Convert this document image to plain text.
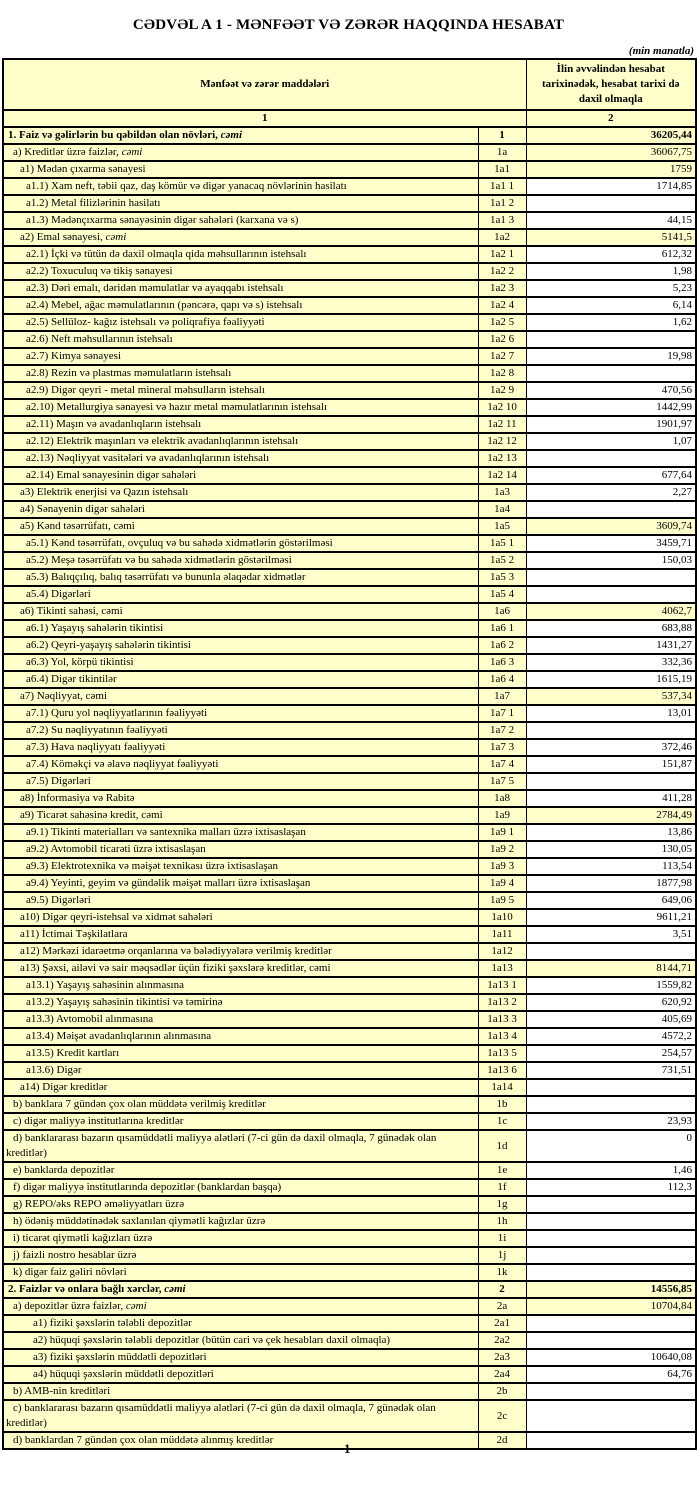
CƏDVƏL A 1 - MƏNFƏƏT VƏ ZƏRƏR HAQQINDA HESABAT
(min manatla)
Mənfəət və zərər maddələri		İlin əvvəlindən hesabat tarixinədək, hesabat tarixi də daxil olmaqla
1		2
1. Faiz və gəlirlərin bu qəbildən olan növləri, cəmi	1	36205,44
a) Kreditlər üzrə faizlər, cəmi	1a	36067,75
a1) Mədən çıxarma sənayesi	1a1	1759
a1.1) Xam neft, təbii qaz, daş kömür və digər yanacaq növlərinin hasilatı	1a1 1	1714,85
a1.2) Metal filizlərinin hasilatı	1a1 2	
a1.3) Mədənçıxarma sənayəsinin digər sahələri (karxana və s)	1a1 3	44,15
a2) Emal sənayesi, cəmi	1a2	5141,5
a2.1) İçki və tütün də daxil olmaqla qida məhsullarının istehsalı	1a2 1	612,32
a2.2) Toxuculuq və tikiş sənayesi	1a2 2	1,98
a2.3) Dəri emalı, dəridən məmulatlar və ayaqqabı istehsalı	1a2 3	5,23
a2.4) Mebel, ağac məmulatlarının (pəncərə, qapı və s) istehsalı	1a2 4	6,14
a2.5) Sellüloz- kağız istehsalı və poliqrafiya fəaliyyəti	1a2 5	1,62
a2.6) Neft məhsullarının istehsalı	1a2 6	
a2.7) Kimya sənayesi	1a2 7	19,98
a2.8) Rezin və plastmas məmulatların istehsalı	1a2 8	
a2.9) Digər qeyri - metal mineral məhsulların istehsalı	1a2 9	470,56
a2.10) Metallurgiya sənayesi və hazır metal məmulatlarının istehsalı	1a2 10	1442,99
a2.11) Maşın və avadanlıqların istehsalı	1a2 11	1901,97
a2.12) Elektrik maşınları və elektrik avadanlıqlarının istehsalı	1a2 12	1,07
a2.13) Nəqliyyat vasitələri və avadanlıqlarının istehsalı	1a2 13	
a2.14) Emal sənayesinin digər sahələri	1a2 14	677,64
a3) Elektrik enerjisi və Qazın istehsalı	1a3	2,27
a4) Sənayenin digər sahələri	1a4	
a5) Kənd təsərrüfatı, cəmi	1a5	3609,74
a5.1) Kənd təsərrüfatı, ovçuluq və bu sahədə xidmətlərin göstərilməsi	1a5 1	3459,71
a5.2) Meşə təsərrüfatı və bu sahədə xidmətlərin göstərilməsi	1a5 2	150,03
a5.3) Balıqçılıq, balıq təsərrüfatı və bununla əlaqədar xidmətlər	1a5 3	
a5.4) Digərləri	1a5 4	
a6) Tikinti sahəsi, cəmi	1a6	4062,7
a6.1) Yaşayış sahələrin tikintisi	1a6 1	683,88
a6.2) Qeyri-yaşayış sahələrin tikintisi	1a6 2	1431,27
a6.3) Yol, körpü tikintisi	1a6 3	332,36
a6.4) Digər tikintilər	1a6 4	1615,19
a7) Nəqliyyat, cəmi	1a7	537,34
a7.1) Quru yol nəqliyyatlarının fəaliyyəti	1a7 1	13,01
a7.2) Su nəqliyyatının fəaliyyəti	1a7 2	
a7.3) Hava nəqliyyatı fəaliyyəti	1a7 3	372,46
a7.4) Köməkçi və əlavə nəqliyyat fəaliyyəti	1a7 4	151,87
a7.5) Digərləri	1a7 5	
a8) İnformasiya və Rabitə	1a8	411,28
a9) Ticarət sahəsinə kredit, cəmi	1a9	2784,49
a9.1) Tikinti materialları və santexnika malları üzrə ixtisaslaşan	1a9 1	13,86
a9.2) Avtomobil ticarəti üzrə ixtisaslaşan	1a9 2	130,05
a9.3) Elektrotexnika və məişət texnikası üzrə ixtisaslaşan	1a9 3	113,54
a9.4) Yeyinti, geyim və gündəlik məişət malları üzrə ixtisaslaşan	1a9 4	1877,98
a9.5) Digərləri	1a9 5	649,06
a10) Digər qeyri-istehsal və xidmət sahələri	1a10	9611,21
a11) İctimai Təşkilatlara	1a11	3,51
a12) Mərkəzi idarəetmə orqanlarına və bələdiyyələrə verilmiş kreditlər	1a12	
a13) Şəxsi, ailəvi və sair məqsədlər üçün fiziki şəxslərə kreditlər, cəmi	1a13	8144,71
a13.1) Yaşayış sahəsinin alınmasına	1a13 1	1559,82
a13.2) Yaşayış sahəsinin tikintisi və təmirinə	1a13 2	620,92
a13.3) Avtomobil alınmasına	1a13 3	405,69
a13.4) Məişət avadanlıqlarının alınmasına	1a13 4	4572,2
a13.5) Kredit kartları	1a13 5	254,57
a13.6) Digər	1a13 6	731,51
a14) Digər kreditlər	1a14	
b) banklara 7 gündən çox olan müddətə verilmiş kreditlər	1b	
c) digər maliyyə institutlarına kreditlər	1c	23,93
d) banklararası bazarın qısamüddətli maliyyə alətləri (7-ci gün də daxil olmaqla, 7 günədək olan kreditlər)	1d	0
e) banklarda depozitlər	1e	1,46
f) digər maliyyə institutlarında depozitlər (banklardan başqa)	1f	112,3
g) REPO/əks REPO əməliyyatları üzrə	1g	
h) ödəniş müddətinədək saxlanılan qiymətli kağızlar üzrə	1h	
i) ticarət qiymətli kağızları üzrə	1i	
j) faizli nostro hesablar üzrə	1j	
k) digər faiz gəliri növləri	1k	
2. Faizlər və onlara bağlı xərclər, cəmi	2	14556,85
a) depozitlər üzrə faizlər, cəmi	2a	10704,84
a1) fiziki şəxslərin tələbli depozitlər	2a1	
a2) hüquqi şəxslərin tələbli depozitlər (bütün cari və çek hesabları daxil olmaqla)	2a2	
a3) fiziki şəxslərin müddətli depozitləri	2a3	10640,08
a4) hüquqi şəxslərin müddətli depozitləri	2a4	64,76
b) AMB-nin kreditləri	2b	
c) banklararası bazarın qısamüddətli maliyyə alətləri (7-ci gün də daxil olmaqla, 7 günədək olan kreditlər)	2c	
d) banklardan 7 gündən çox olan müddətə alınmış kreditlər	2d	
1
